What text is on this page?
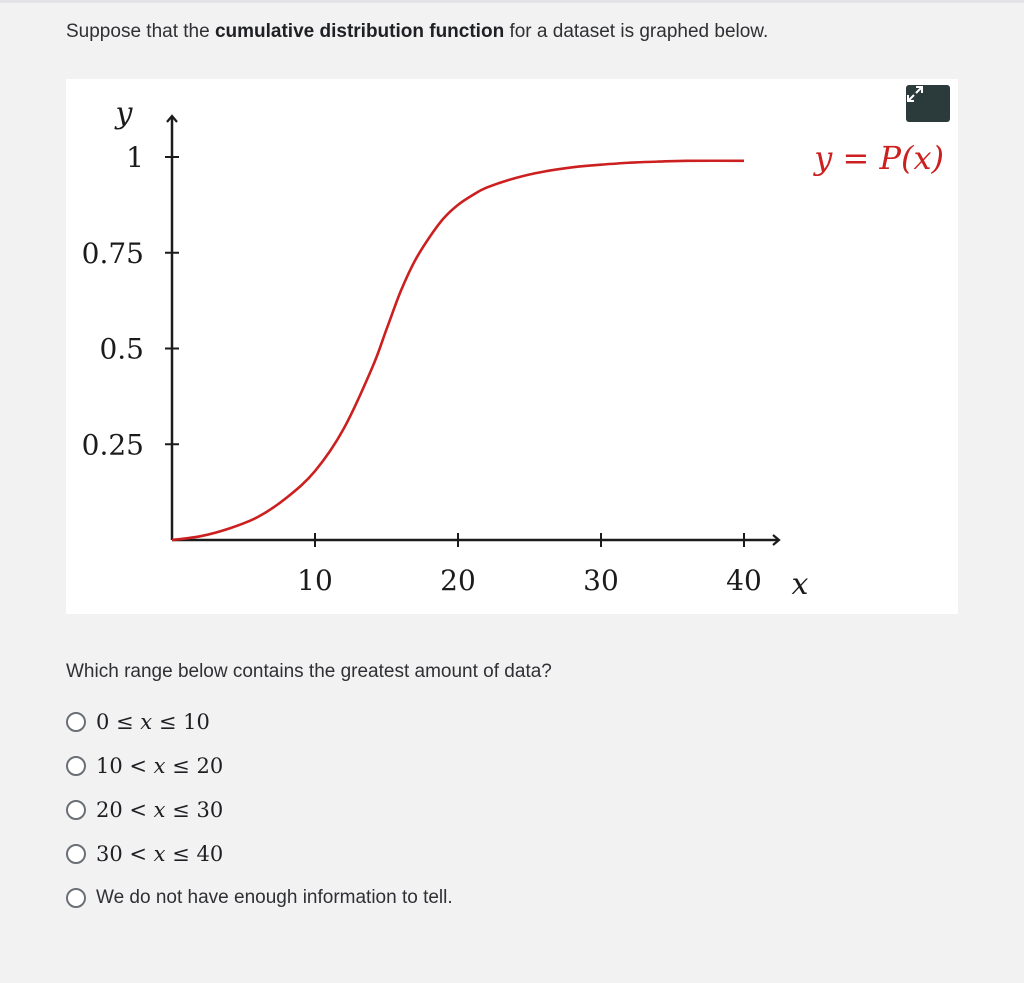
Suppose that the cumulative distribution function for a dataset is graphed below.

0.25
0.5
0.75
1
10	20	30	40
y
x
y = P(x)

Which range below contains the greatest amount of data?

0 ≤ 𝑥 ≤ 10
10 < 𝑥 ≤ 20
20 < 𝑥 ≤ 30
30 < 𝑥 ≤ 40
We do not have enough information to tell.
